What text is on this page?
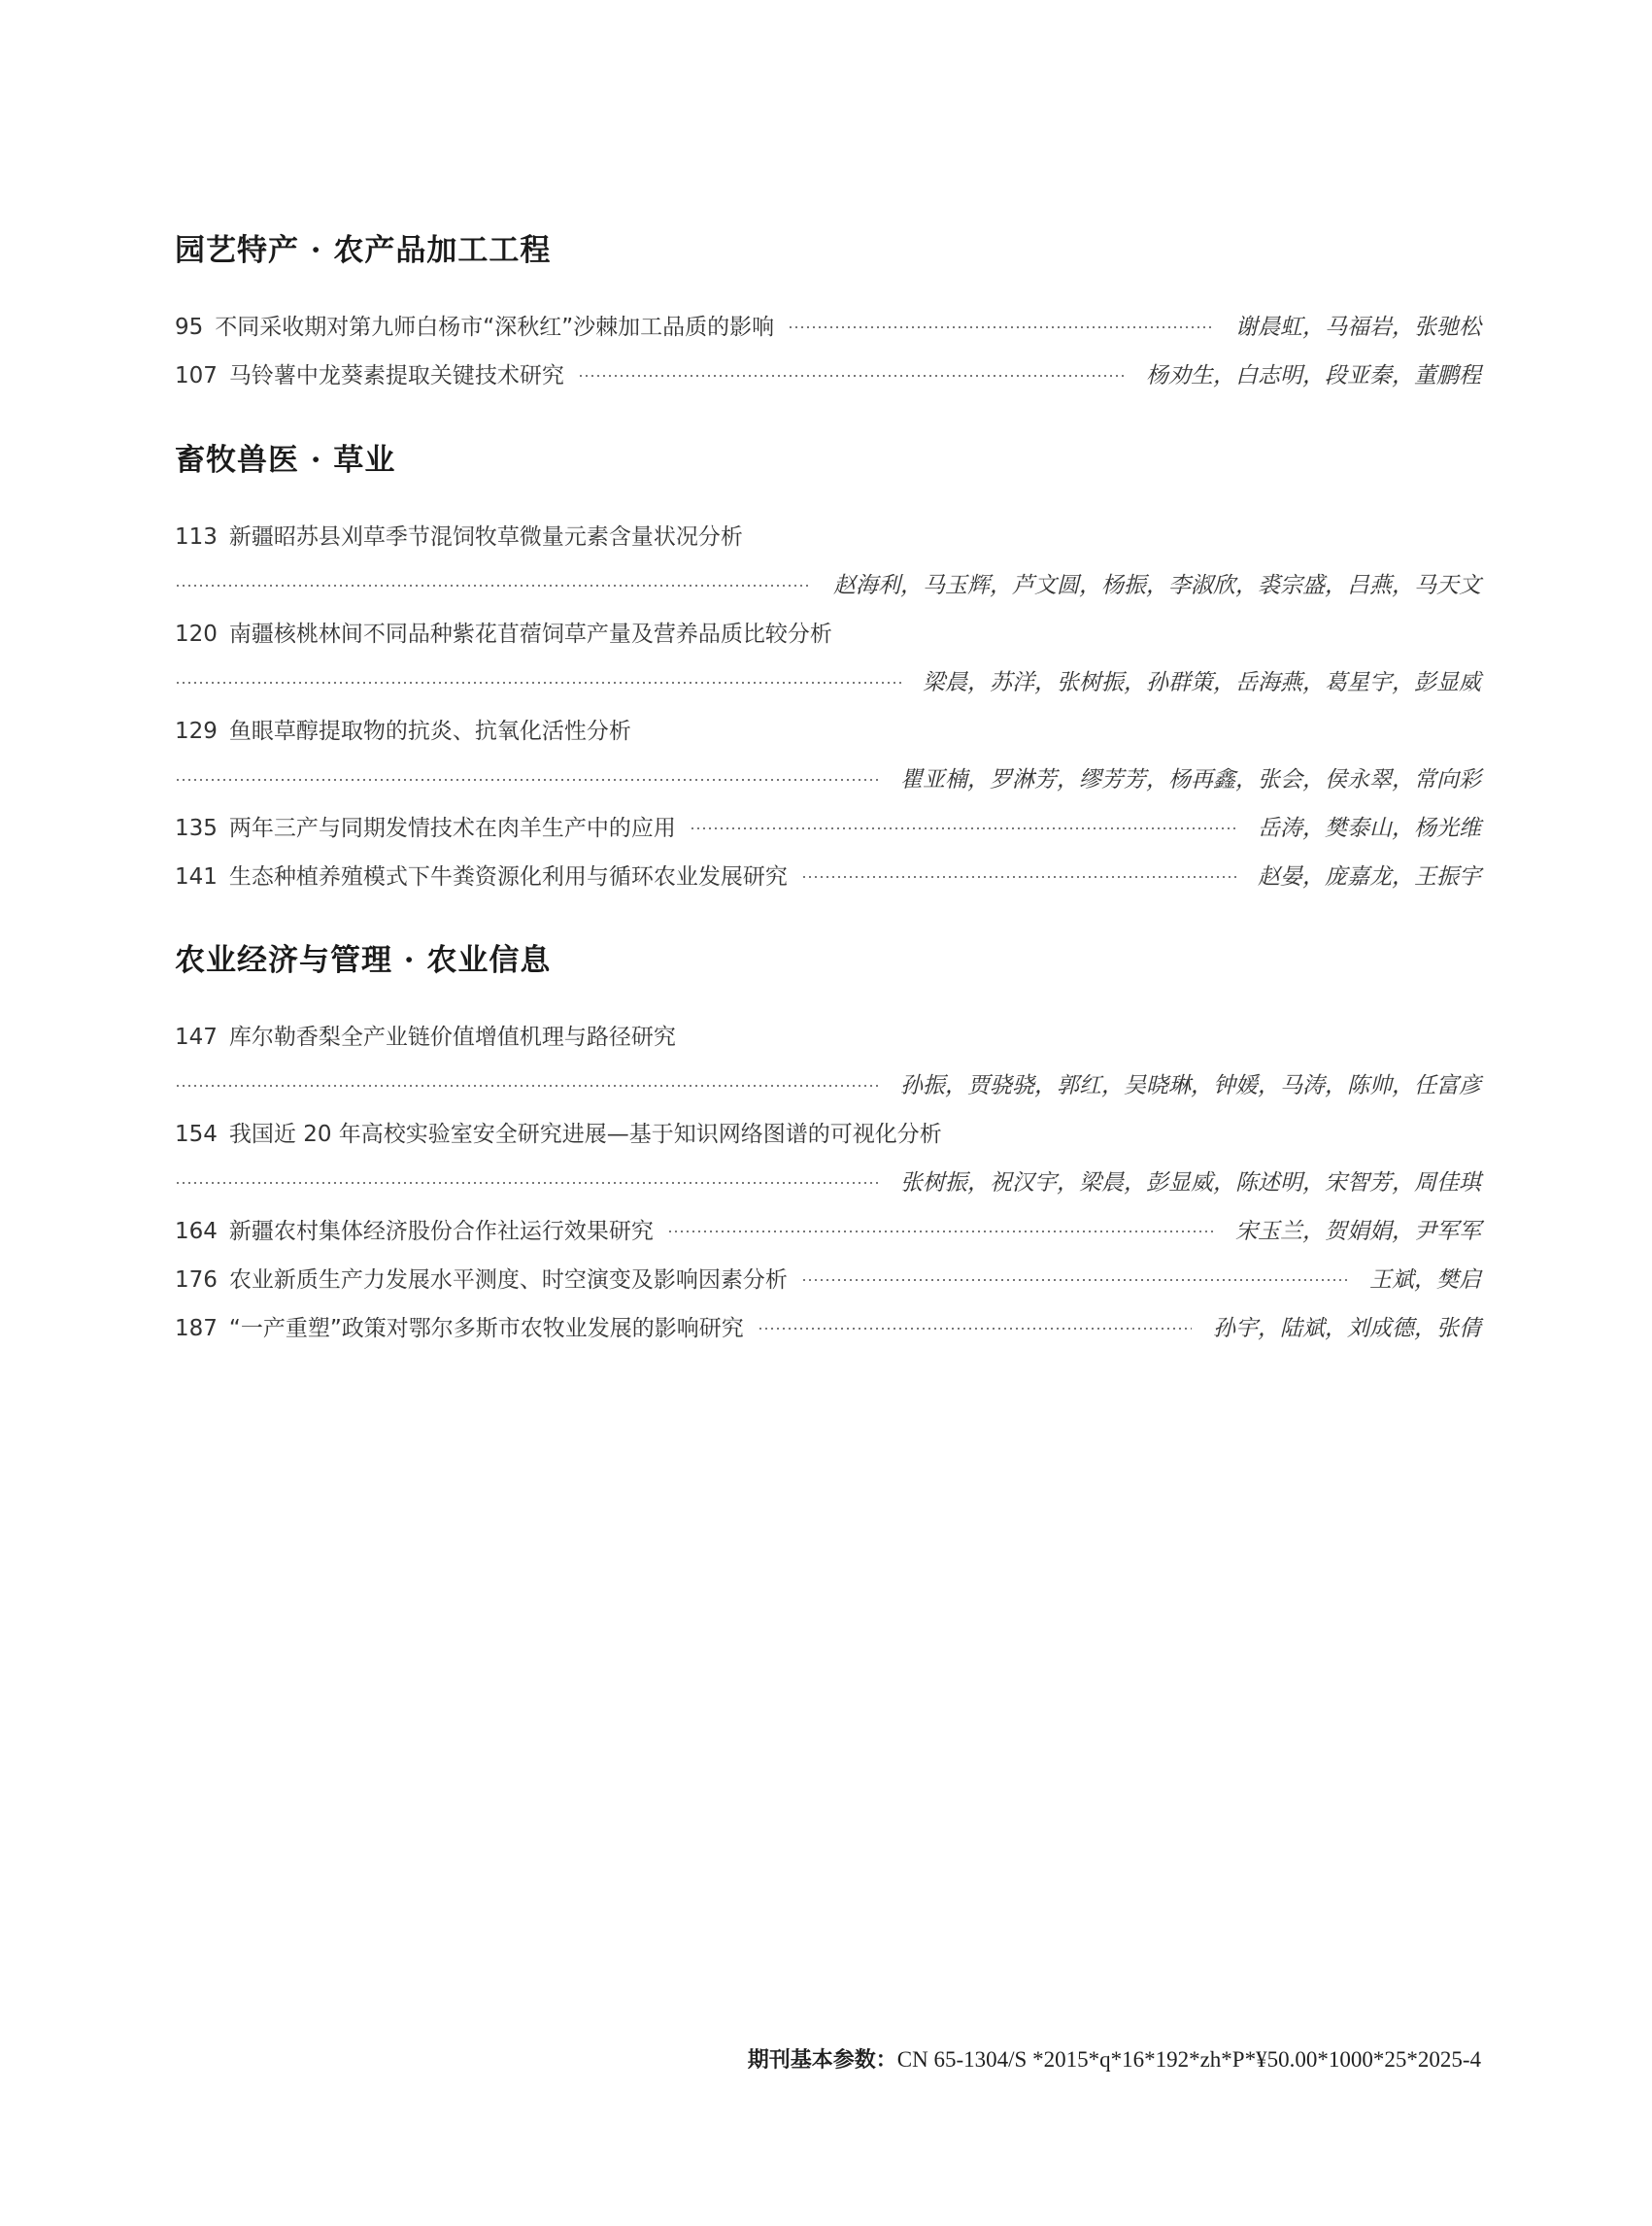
园艺特产 · 农产品加工工程
95 不同采收期对第九师白杨市“深秋红”沙棘加工品质的影响	谢晨虹，马福岩，张驰松
107 马铃薯中龙葵素提取关键技术研究	杨劝生，白志明，段亚秦，董鹏程
畜牧兽医 · 草业
113 新疆昭苏县刈草季节混饲牧草微量元素含量状况分析
赵海利，马玉辉，芦文圆，杨振，李淑欣，裘宗盛，吕燕，马天文
120 南疆核桃林间不同品种紫花苜蓿饲草产量及营养品质比较分析
梁晨，苏洋，张树振，孙群策，岳海燕，葛星宇，彭显威
129 鱼眼草醇提取物的抗炎、抗氧化活性分析
瞿亚楠，罗淋芳，缪芳芳，杨再鑫，张会，侯永翠，常向彩
135 两年三产与同期发情技术在肉羊生产中的应用	岳涛，樊泰山，杨光维
141 生态种植养殖模式下牛粪资源化利用与循环农业发展研究	赵晏，庞嘉龙，王振宇
农业经济与管理 · 农业信息
147 库尔勒香梨全产业链价值增值机理与路径研究
孙振，贾骁骁，郭红，吴晓琳，钟媛，马涛，陈帅，任富彦
154 我国近 20 年高校实验室安全研究进展—基于知识网络图谱的可视化分析
张树振，祝汉宇，梁晨，彭显威，陈述明，宋智芳，周佳琪
164 新疆农村集体经济股份合作社运行效果研究	宋玉兰，贺娟娟，尹军军
176 农业新质生产力发展水平测度、时空演变及影响因素分析	王斌，樊启
187 “一产重塑”政策对鄂尔多斯市农牧业发展的影响研究	孙宇，陆斌，刘成德，张倩
期刊基本参数：CN 65-1304/S *2015*q*16*192*zh*P*¥50.00*1000*25*2025-4
